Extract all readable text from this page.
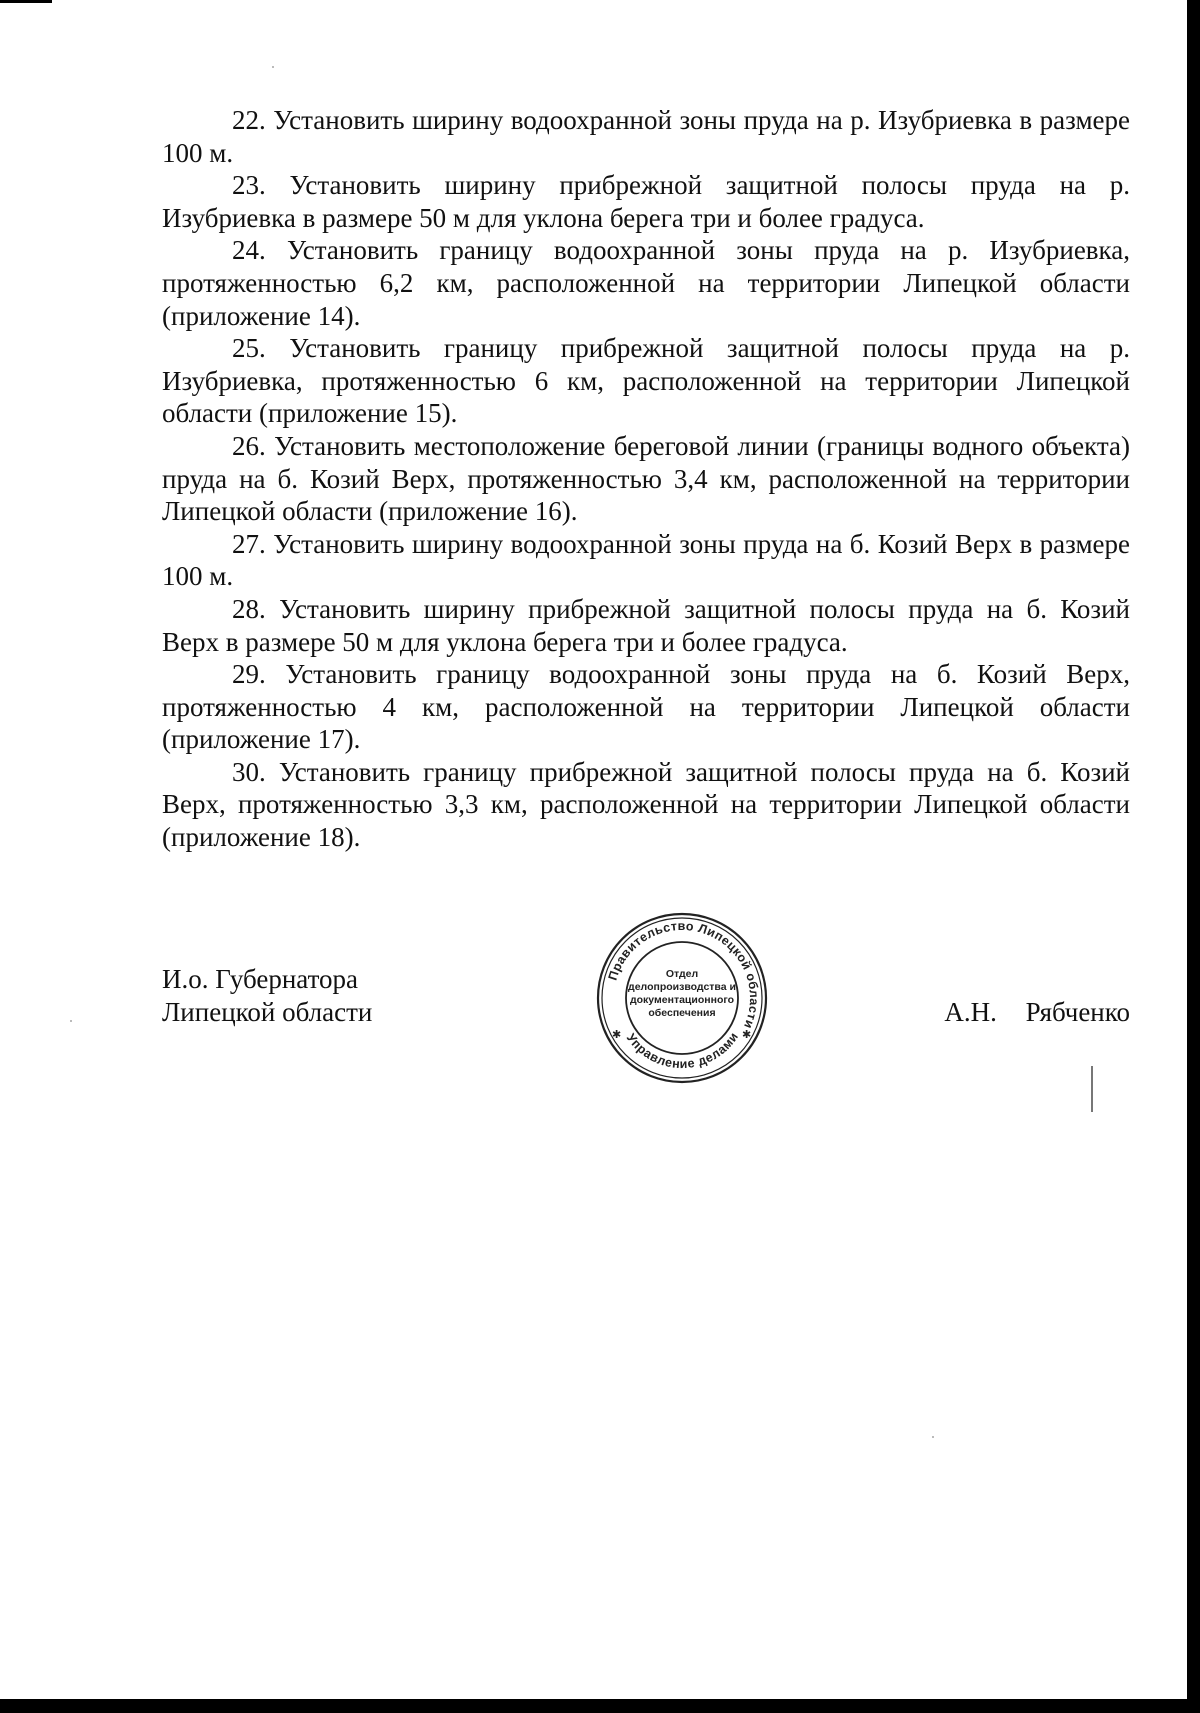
22. Установить ширину водоохранной зоны пруда на р. Изубриевка в размере 100 м.

23. Установить ширину прибрежной защитной полосы пруда на р. Изубриевка в размере 50 м для уклона берега три и более градуса.

24. Установить границу водоохранной зоны пруда на р. Изубриевка, протяженностью 6,2 км, расположенной на территории Липецкой области (приложение 14).

25. Установить границу прибрежной защитной полосы пруда на р. Изубриевка, протяженностью 6 км, расположенной на территории Липецкой области (приложение 15).

26. Установить местоположение береговой линии (границы водного объекта) пруда на б. Козий Верх, протяженностью 3,4 км, расположенной на территории Липецкой области (приложение 16).

27. Установить ширину водоохранной зоны пруда на б. Козий Верх в размере 100 м.

28. Установить ширину прибрежной защитной полосы пруда на б. Козий Верх в размере 50 м для уклона берега три и более градуса.

29. Установить границу водоохранной зоны пруда на б. Козий Верх, протяженностью 4 км, расположенной на территории Липецкой области (приложение 17).

30. Установить границу прибрежной защитной полосы пруда на б. Козий Верх, протяженностью 3,3 км, расположенной на территории Липецкой области (приложение 18).

И.о. Губернатора
Липецкой области	А.Н. Рябченко
Правительство Липецкой области
Управление делами
✱	✱
Отдел
делопроизводства и
документационного
обеспечения
